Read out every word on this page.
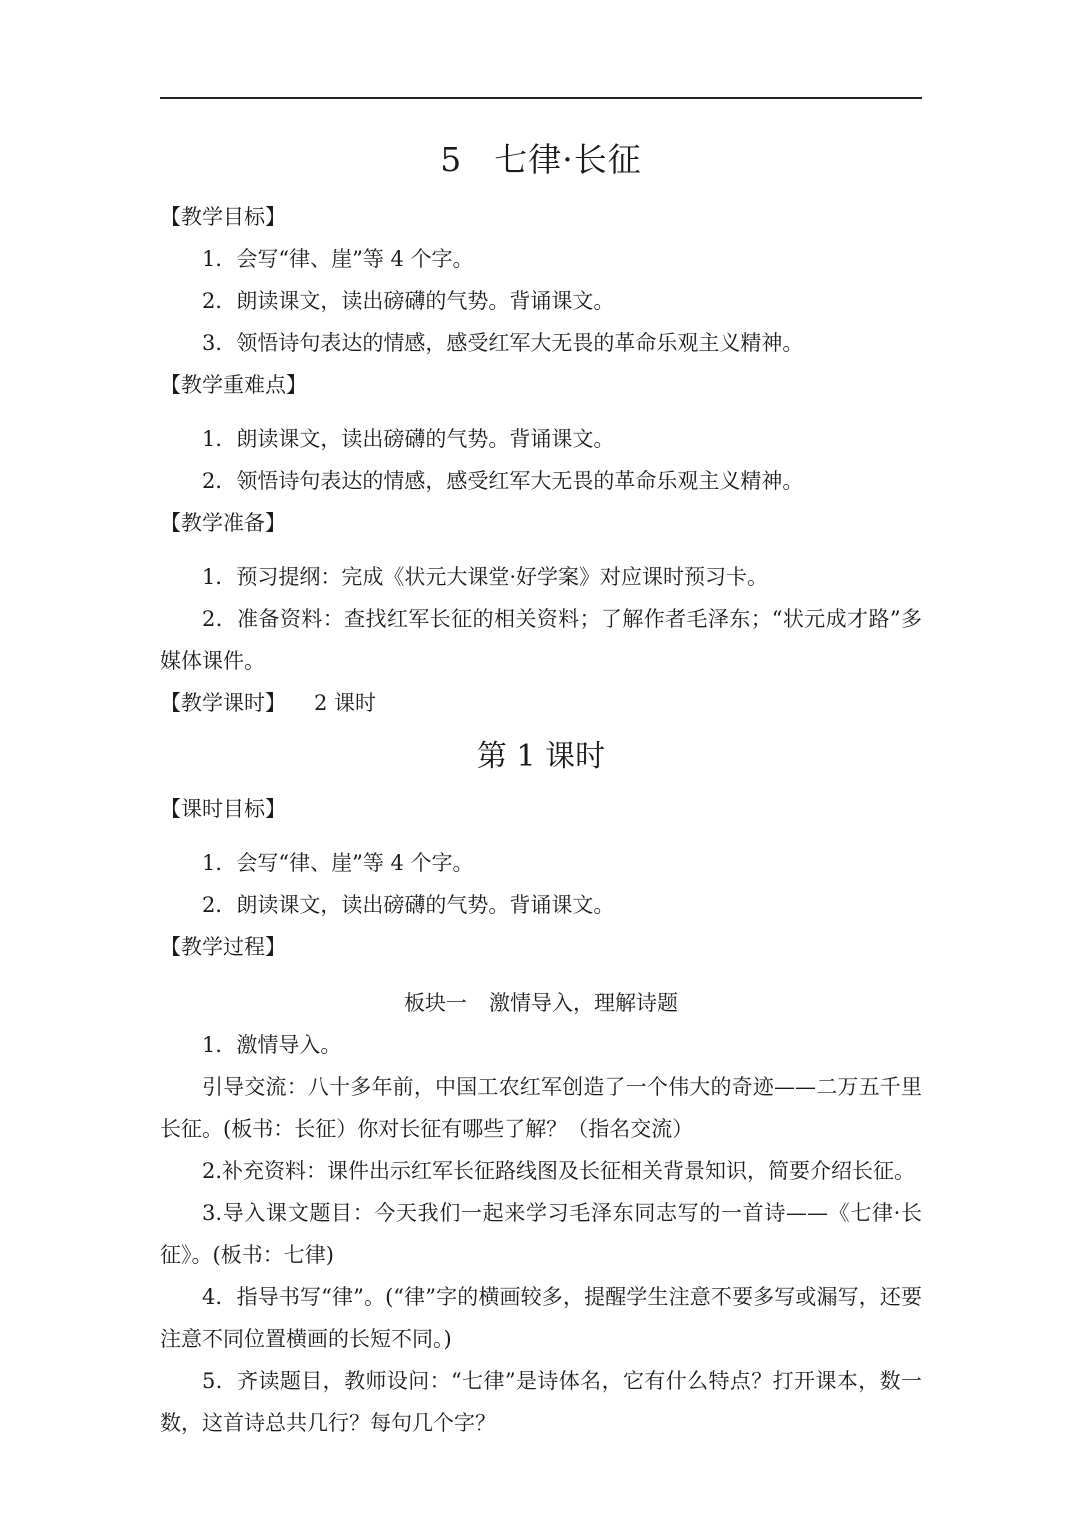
5 七律·长征

【教学目标】

1．会写“律、崖”等 4 个字。

2．朗读课文，读出磅礴的气势。背诵课文。

3．领悟诗句表达的情感，感受红军大无畏的革命乐观主义精神。

【教学重难点】

1．朗读课文，读出磅礴的气势。背诵课文。

2．领悟诗句表达的情感，感受红军大无畏的革命乐观主义精神。

【教学准备】

1．预习提纲：完成《状元大课堂·好学案》对应课时预习卡。

2．准备资料：查找红军长征的相关资料；了解作者毛泽东；“状元成才路”多媒体课件。

【教学课时】 2 课时

第 1 课时

【课时目标】

1．会写“律、崖”等 4 个字。

2．朗读课文，读出磅礴的气势。背诵课文。

【教学过程】

板块一 激情导入，理解诗题

1．激情导入。

引导交流：八十多年前，中国工农红军创造了一个伟大的奇迹——二万五千里长征。(板书：长征）你对长征有哪些了解？（指名交流）

2.补充资料：课件出示红军长征路线图及长征相关背景知识，简要介绍长征。

3.导入课文题目：今天我们一起来学习毛泽东同志写的一首诗——《七律·长征》。(板书：七律)

4．指导书写“律”。(“律”字的横画较多，提醒学生注意不要多写或漏写，还要注意不同位置横画的长短不同。)

5．齐读题目，教师设问：“七律”是诗体名，它有什么特点？打开课本，数一数，这首诗总共几行？每句几个字？
